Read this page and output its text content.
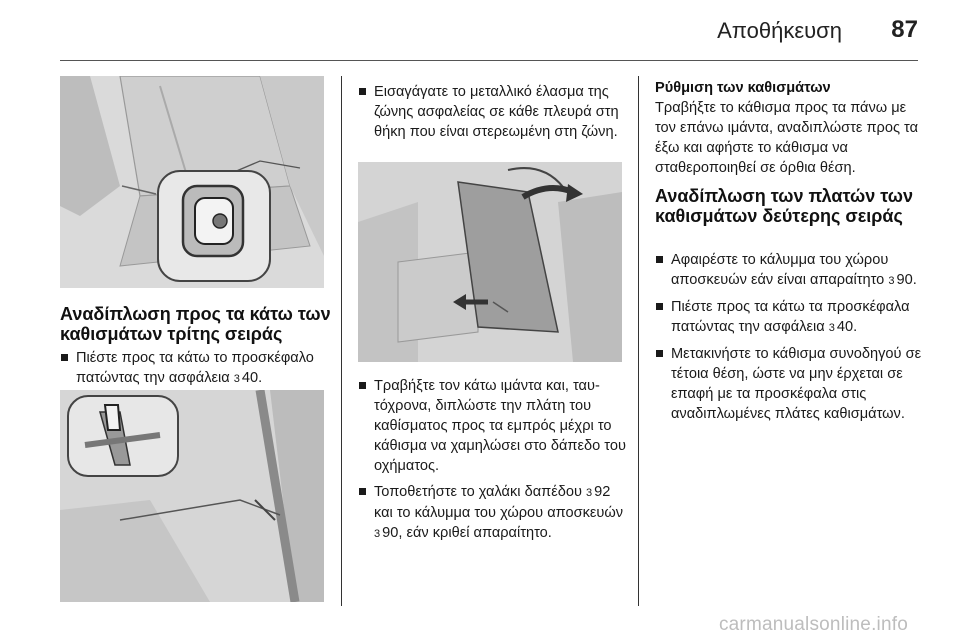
Αποθήκευση 87
Αναδίπλωση προς τα κάτω των καθισμάτων τρίτης σειράς
Πιέστε προς τα κάτω το προσκέφαλο πατώντας την ασφάλεια 3 40.
Εισαγάγατε το μεταλλικό έλασμα της ζώνης ασφαλείας σε κάθε πλευρά στη θήκη που είναι στερεωμένη στη ζώνη.
Τραβήξτε τον κάτω ιμάντα και, ταυτόχρονα, διπλώστε την πλάτη του καθίσματος προς τα εμπρός μέχρι το κάθισμα να χαμηλώσει στο δάπεδο του οχήματος.
Τοποθετήστε το χαλάκι δαπέδου 3 92 και το κάλυμμα του χώρου αποσκευών 3 90, εάν κριθεί απαραίτητο.
Ρύθμιση των καθισμάτων
Τραβήξτε το κάθισμα προς τα πάνω με τον επάνω ιμάντα, αναδιπλώστε προς τα έξω και αφήστε το κάθισμα να σταθεροποιηθεί σε όρθια θέση.
Αναδίπλωση των πλατών των καθισμάτων δεύτερης σειράς
Αφαιρέστε το κάλυμμα του χώρου αποσκευών εάν είναι απαραίτητο 3 90.
Πιέστε προς τα κάτω τα προσκέφαλα πατώντας την ασφάλεια 3 40.
Μετακινήστε το κάθισμα συνοδηγού σε τέτοια θέση, ώστε να μην έρχεται σε επαφή με τα προσκέφαλα στις αναδιπλωμένες πλάτες καθισμάτων.
carmanualsonline.info
